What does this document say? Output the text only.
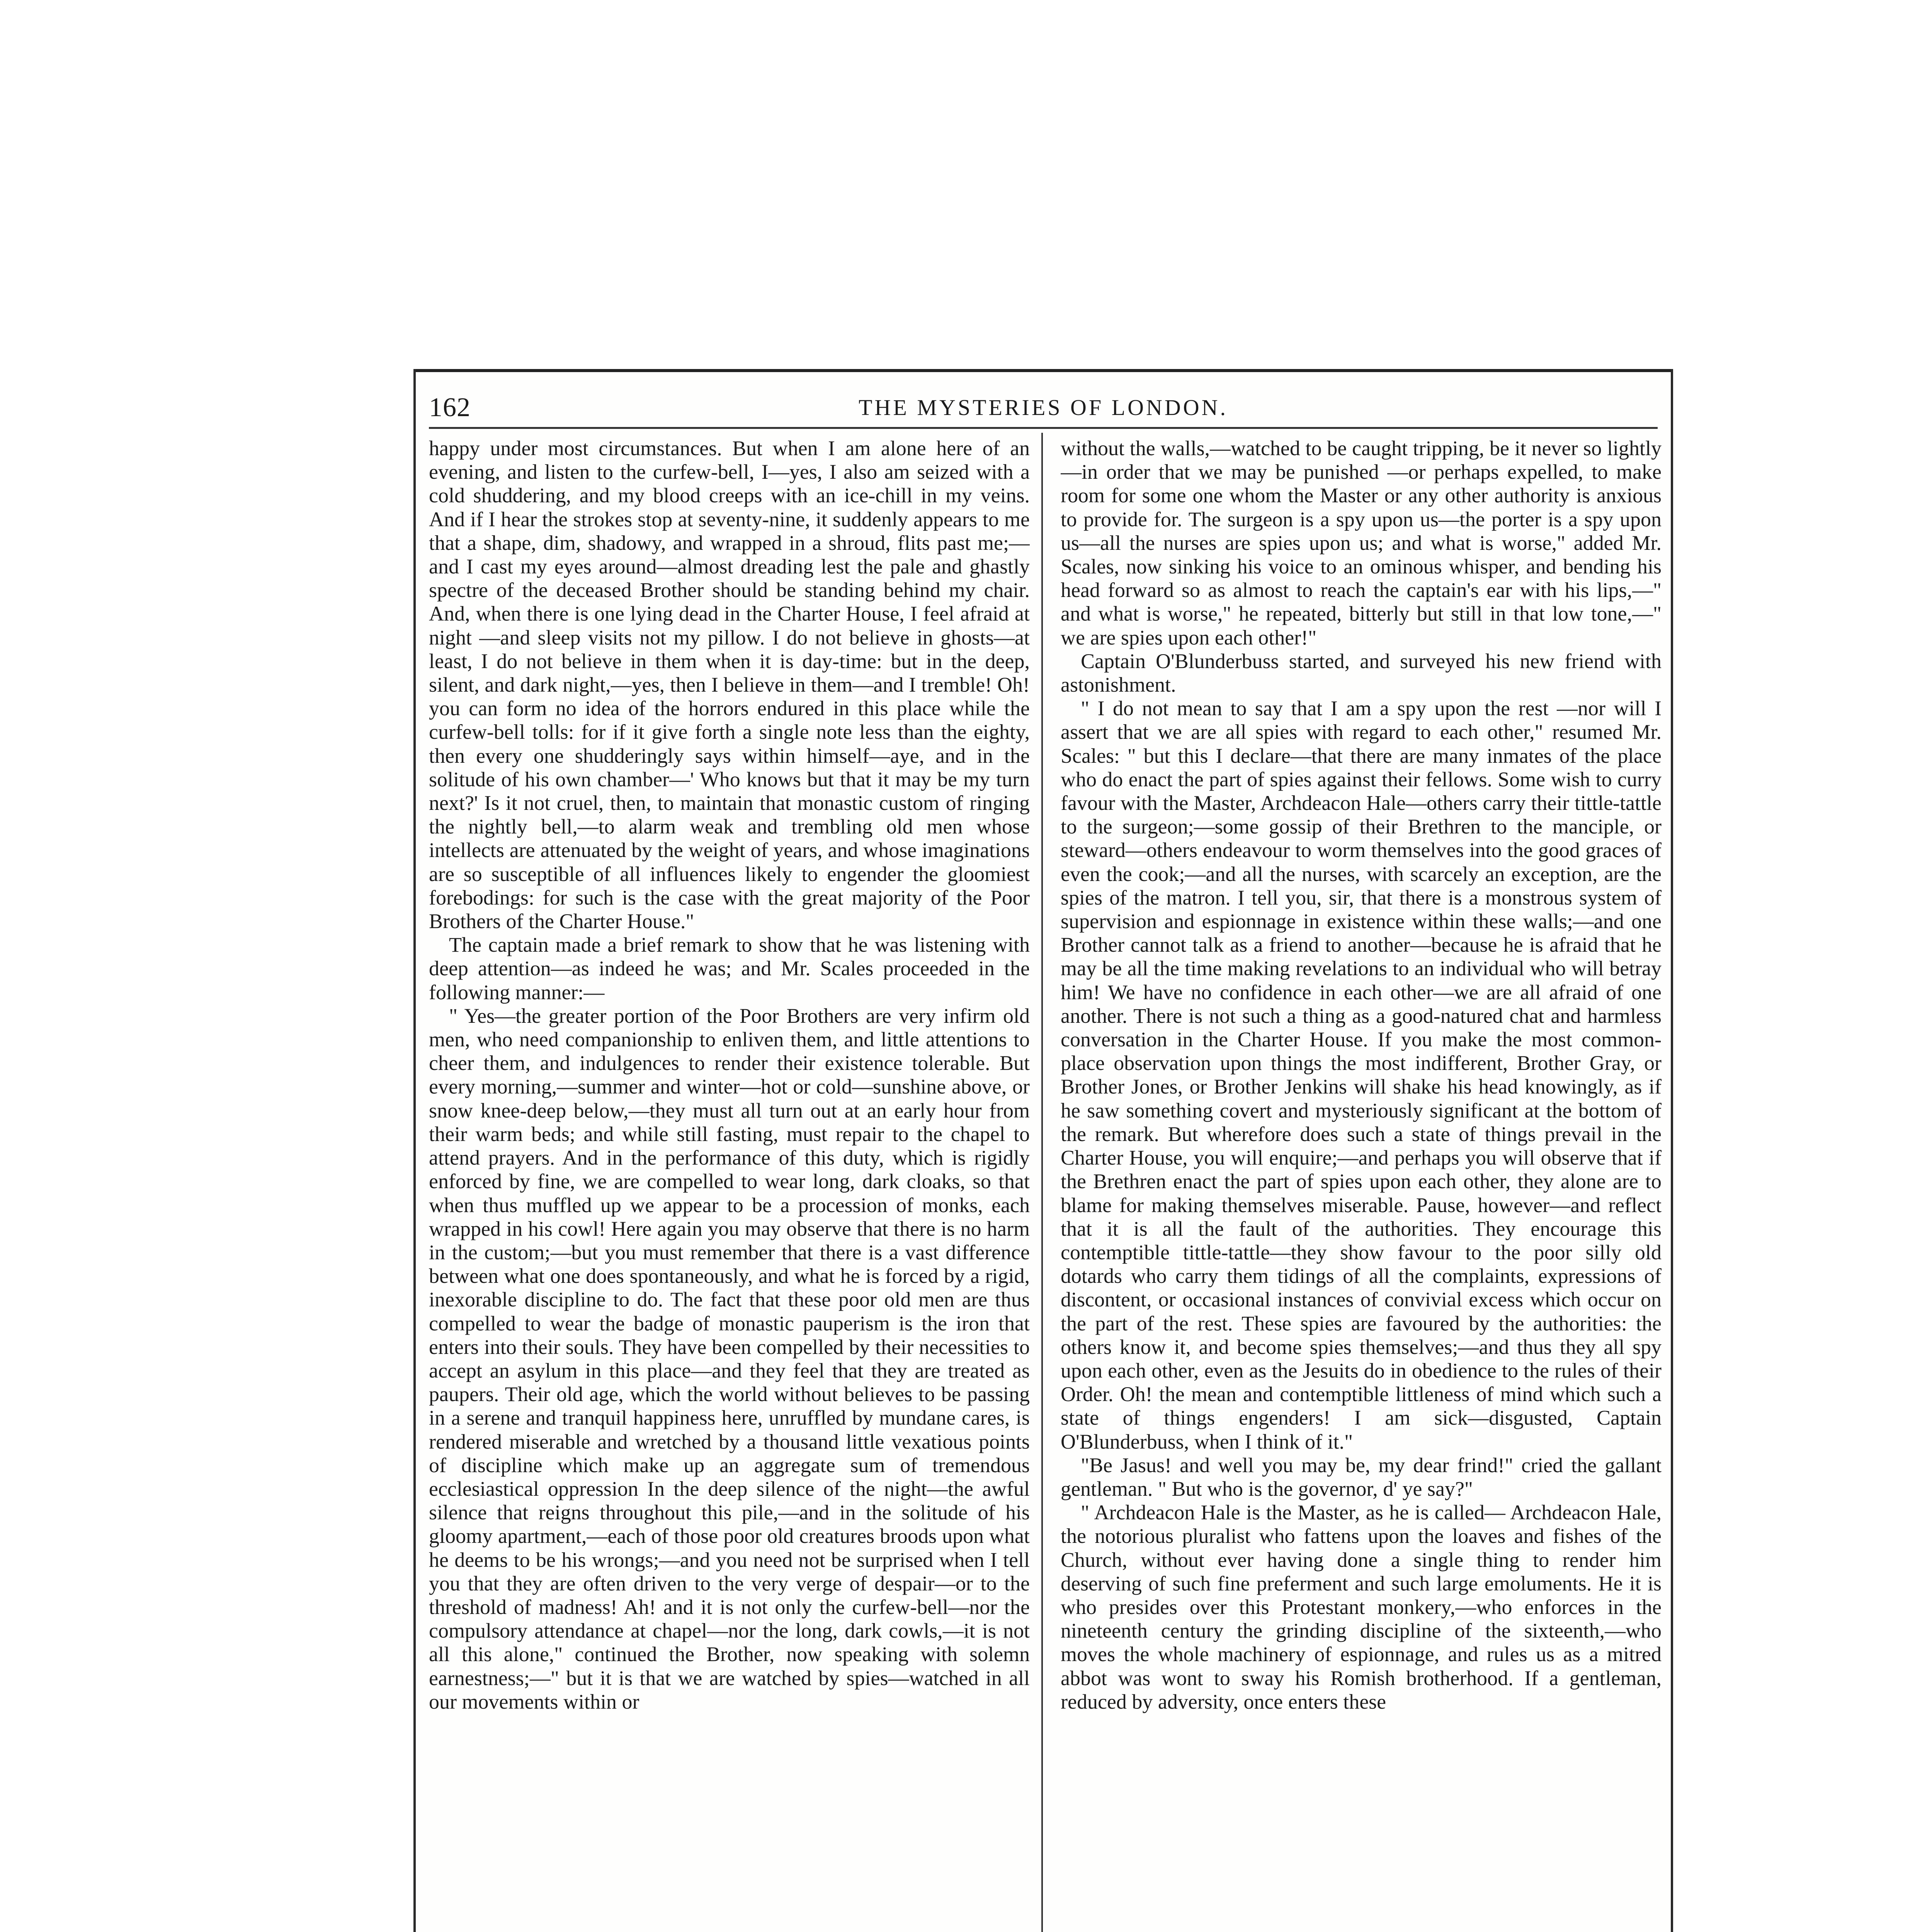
162	THE MYSTERIES OF LONDON.

happy under most circumstances. But when I am alone here of an evening, and listen to the curfew-bell, I—yes, I also am seized with a cold shuddering, and my blood creeps with an ice-chill in my veins. And if I hear the strokes stop at seventy-nine, it suddenly appears to me that a shape, dim, shadowy, and wrapped in a shroud, flits past me;—and I cast my eyes around—almost dreading lest the pale and ghastly spectre of the deceased Brother should be standing behind my chair. And, when there is one lying dead in the Charter House, I feel afraid at night —and sleep visits not my pillow. I do not believe in ghosts—at least, I do not believe in them when it is day-time: but in the deep, silent, and dark night,—yes, then I believe in them—and I tremble! Oh! you can form no idea of the horrors endured in this place while the curfew-bell tolls: for if it give forth a single note less than the eighty, then every one shudderingly says within himself—aye, and in the solitude of his own chamber—' Who knows but that it may be my turn next?' Is it not cruel, then, to maintain that monastic custom of ringing the nightly bell,—to alarm weak and trembling old men whose intellects are attenuated by the weight of years, and whose imaginations are so susceptible of all influences likely to engender the gloomiest forebodings: for such is the case with the great majority of the Poor Brothers of the Charter House."

The captain made a brief remark to show that he was listening with deep attention—as indeed he was; and Mr. Scales proceeded in the following manner:—

" Yes—the greater portion of the Poor Brothers are very infirm old men, who need companionship to enliven them, and little attentions to cheer them, and indulgences to render their existence tolerable. But every morning,—summer and winter—hot or cold—sunshine above, or snow knee-deep below,—they must all turn out at an early hour from their warm beds; and while still fasting, must repair to the chapel to attend prayers. And in the performance of this duty, which is rigidly enforced by fine, we are compelled to wear long, dark cloaks, so that when thus muffled up we appear to be a procession of monks, each wrapped in his cowl! Here again you may observe that there is no harm in the custom;—but you must remember that there is a vast difference between what one does spontaneously, and what he is forced by a rigid, inexorable discipline to do. The fact that these poor old men are thus compelled to wear the badge of monastic pauperism is the iron that enters into their souls. They have been compelled by their necessities to accept an asylum in this place—and they feel that they are treated as paupers. Their old age, which the world without believes to be passing in a serene and tranquil happiness here, unruffled by mundane cares, is rendered miserable and wretched by a thousand little vexatious points of discipline which make up an aggregate sum of tremendous ecclesiastical oppression In the deep silence of the night—the awful silence that reigns throughout this pile,—and in the solitude of his gloomy apartment,—each of those poor old creatures broods upon what he deems to be his wrongs;—and you need not be surprised when I tell you that they are often driven to the very verge of despair—or to the threshold of madness! Ah! and it is not only the curfew-bell—nor the compulsory attendance at chapel—nor the long, dark cowls,—it is not all this alone," continued the Brother, now speaking with solemn earnestness;—" but it is that we are watched by spies—watched in all our movements within or

without the walls,—watched to be caught tripping, be it never so lightly—in order that we may be punished —or perhaps expelled, to make room for some one whom the Master or any other authority is anxious to provide for. The surgeon is a spy upon us—the porter is a spy upon us—all the nurses are spies upon us; and what is worse," added Mr. Scales, now sinking his voice to an ominous whisper, and bending his head forward so as almost to reach the captain's ear with his lips,—" and what is worse," he repeated, bitterly but still in that low tone,—" we are spies upon each other!"

Captain O'Blunderbuss started, and surveyed his new friend with astonishment.

" I do not mean to say that I am a spy upon the rest —nor will I assert that we are all spies with regard to each other," resumed Mr. Scales: " but this I declare—that there are many inmates of the place who do enact the part of spies against their fellows. Some wish to curry favour with the Master, Archdeacon Hale—others carry their tittle-tattle to the surgeon;—some gossip of their Brethren to the manciple, or steward—others endeavour to worm themselves into the good graces of even the cook;—and all the nurses, with scarcely an exception, are the spies of the matron. I tell you, sir, that there is a monstrous system of supervision and espionnage in existence within these walls;—and one Brother cannot talk as a friend to another—because he is afraid that he may be all the time making revelations to an individual who will betray him! We have no confidence in each other—we are all afraid of one another. There is not such a thing as a good-natured chat and harmless conversation in the Charter House. If you make the most common-place observation upon things the most indifferent, Brother Gray, or Brother Jones, or Brother Jenkins will shake his head knowingly, as if he saw something covert and mysteriously significant at the bottom of the remark. But wherefore does such a state of things prevail in the Charter House, you will enquire;—and perhaps you will observe that if the Brethren enact the part of spies upon each other, they alone are to blame for making themselves miserable. Pause, however—and reflect that it is all the fault of the authorities. They encourage this contemptible tittle-tattle—they show favour to the poor silly old dotards who carry them tidings of all the complaints, expressions of discontent, or occasional instances of convivial excess which occur on the part of the rest. These spies are favoured by the authorities: the others know it, and become spies themselves;—and thus they all spy upon each other, even as the Jesuits do in obedience to the rules of their Order. Oh! the mean and contemptible littleness of mind which such a state of things engenders! I am sick—disgusted, Captain O'Blunderbuss, when I think of it."

"Be Jasus! and well you may be, my dear frind!" cried the gallant gentleman. " But who is the governor, d' ye say?"

" Archdeacon Hale is the Master, as he is called— Archdeacon Hale, the notorious pluralist who fattens upon the loaves and fishes of the Church, without ever having done a single thing to render him deserving of such fine preferment and such large emoluments. He it is who presides over this Protestant monkery,—who enforces in the nineteenth century the grinding discipline of the sixteenth,—who moves the whole machinery of espionnage, and rules us as a mitred abbot was wont to sway his Romish brotherhood. If a gentleman, reduced by adversity, once enters these
